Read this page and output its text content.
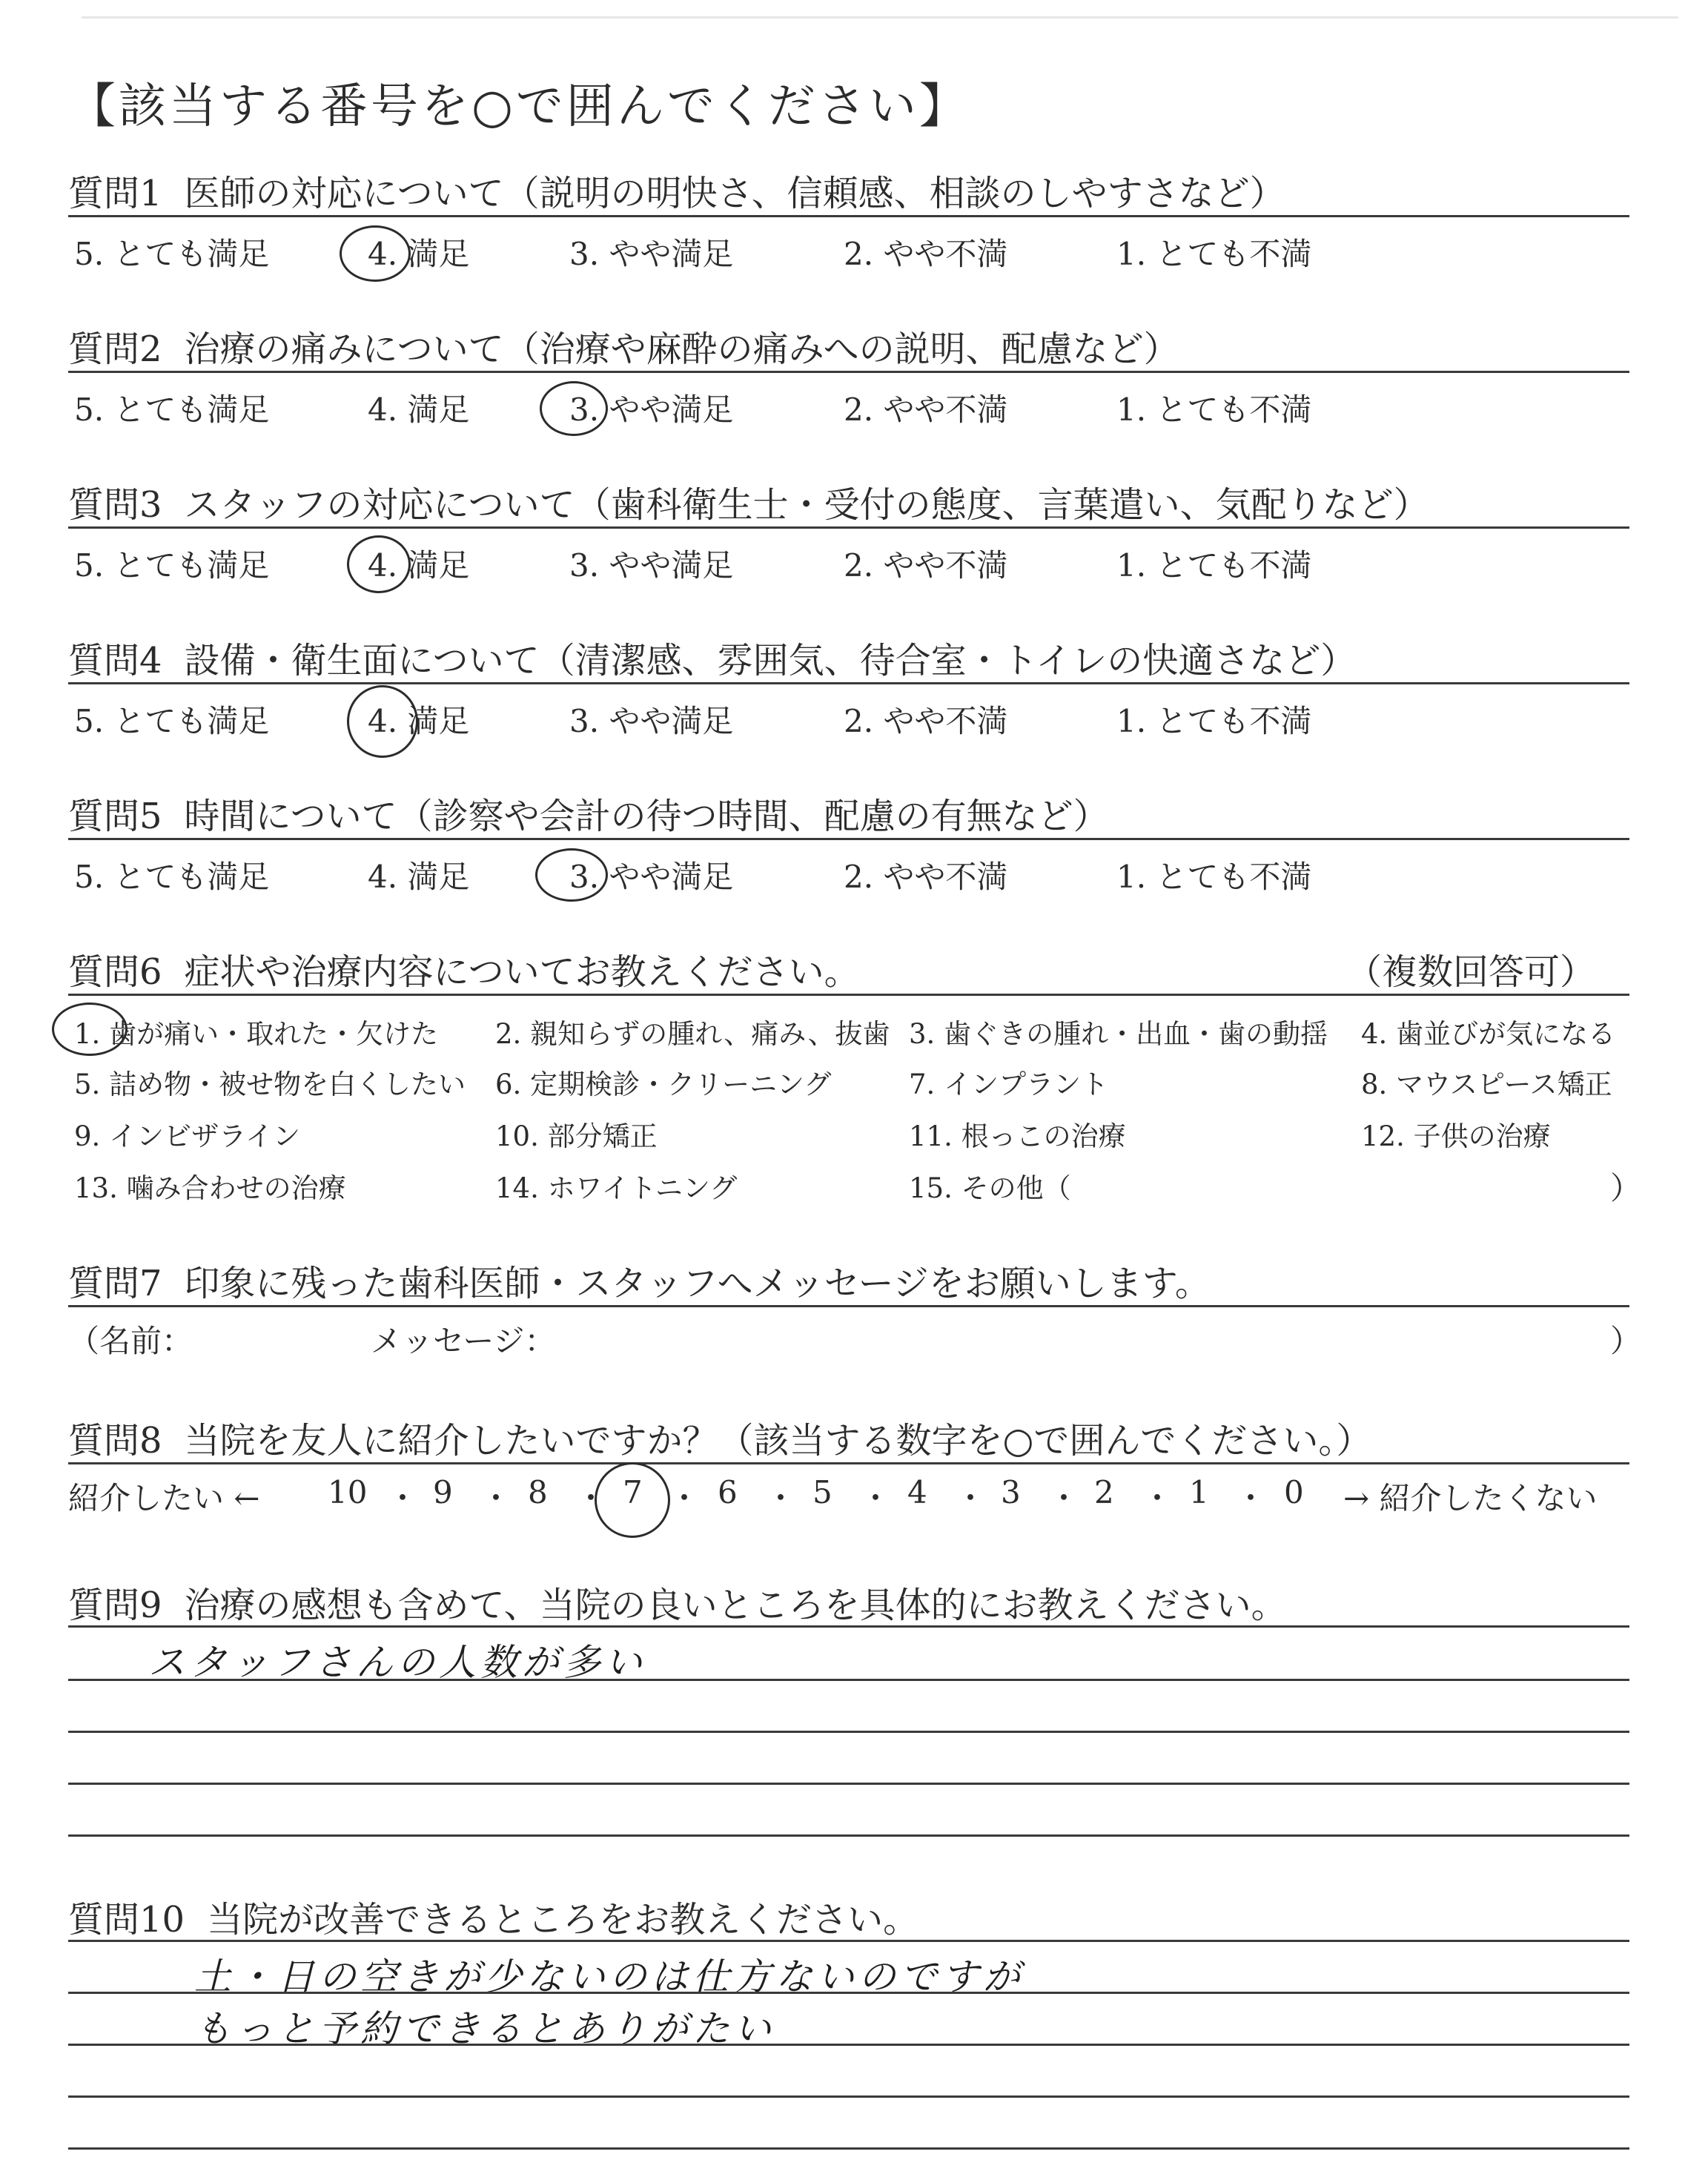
【該当する番号を○で囲んでください】
質問1 医師の対応について（説明の明快さ、信頼感、相談のしやすさなど）
5. とても満足	4. 満足	3. やや満足	2. やや不満	1. とても不満
質問2 治療の痛みについて（治療や麻酔の痛みへの説明、配慮など）
5. とても満足	4. 満足	3. やや満足	2. やや不満	1. とても不満
質問3 スタッフの対応について（歯科衛生士・受付の態度、言葉遣い、気配りなど）
5. とても満足	4. 満足	3. やや満足	2. やや不満	1. とても不満
質問4 設備・衛生面について（清潔感、雰囲気、待合室・トイレの快適さなど）
5. とても満足	4. 満足	3. やや満足	2. やや不満	1. とても不満
質問5 時間について（診察や会計の待つ時間、配慮の有無など）
5. とても満足	4. 満足	3. やや満足	2. やや不満	1. とても不満
質問6 症状や治療内容についてお教えください。	（複数回答可）
1. 歯が痛い・取れた・欠けた 2. 親知らずの腫れ、痛み、抜歯 3. 歯ぐきの腫れ・出血・歯の動揺 4. 歯並びが気になる
5. 詰め物・被せ物を白くしたい 6. 定期検診・クリーニング	7. インプラント	8. マウスピース矯正
9. インビザライン	10. 部分矯正	11. 根っこの治療	12. 子供の治療
13. 噛み合わせの治療	14. ホワイトニング	15. その他（	）
質問7 印象に残った歯科医師・スタッフへメッセージをお願いします。
（名前：	メッセージ：	）
質問8 当院を友人に紹介したいですか？（該当する数字を○で囲んでください。）
紹介したい ← 10 ・ 9 ・ 8 ・ 7 ・ 6 ・ 5 ・ 4 ・ 3 ・ 2 ・ 1 ・ 0 → 紹介したくない
質問9 治療の感想も含めて、当院の良いところを具体的にお教えください。
スタッフさんの人数が多い
質問10 当院が改善できるところをお教えください。
土・日の空きが少ないのは仕方ないのですが
もっと予約できるとありがたい
